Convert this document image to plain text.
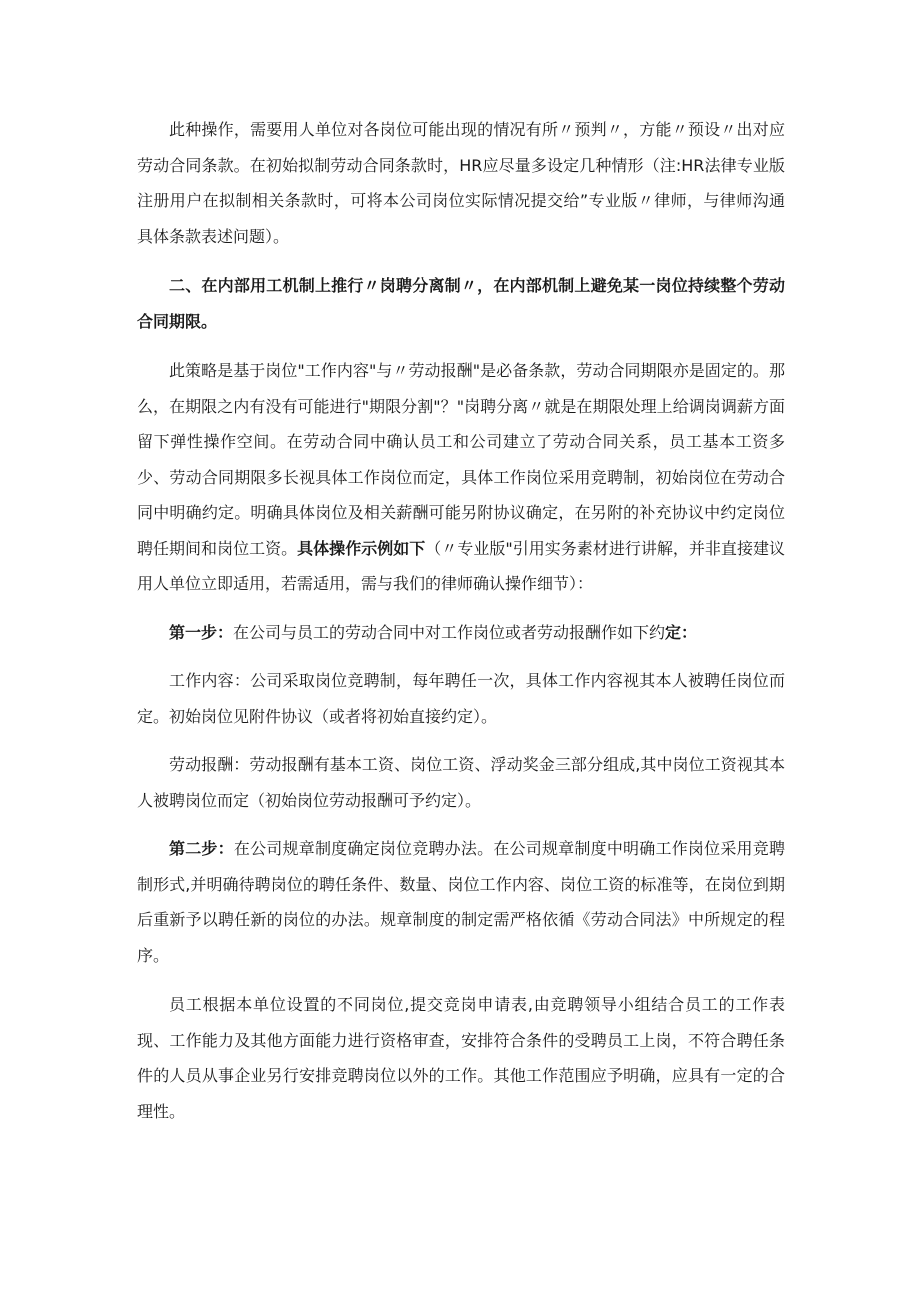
此种操作，需要用人单位对各岗位可能出现的情况有所〃预判〃，方能〃预设〃出对应劳动合同条款。在初始拟制劳动合同条款时，HR应尽量多设定几种情形（注:HR法律专业版注册用户在拟制相关条款时，可将本公司岗位实际情况提交给”专业版〃律师，与律师沟通具体条款表述问题）。

二、在内部用工机制上推行〃岗聘分离制〃，在内部机制上避免某一岗位持续整个劳动合同期限。

此策略是基于岗位"工作内容"与〃劳动报酬"是必备条款，劳动合同期限亦是固定的。那么，在期限之内有没有可能进行"期限分割"？"岗聘分离〃就是在期限处理上给调岗调薪方面留下弹性操作空间。在劳动合同中确认员工和公司建立了劳动合同关系，员工基本工资多少、劳动合同期限多长视具体工作岗位而定，具体工作岗位采用竞聘制，初始岗位在劳动合同中明确约定。明确具体岗位及相关薪酬可能另附协议确定，在另附的补充协议中约定岗位聘任期间和岗位工资。具体操作示例如下（〃专业版"引用实务素材进行讲解，并非直接建议用人单位立即适用，若需适用，需与我们的律师确认操作细节）：

第一步：在公司与员工的劳动合同中对工作岗位或者劳动报酬作如下约定：

工作内容：公司采取岗位竞聘制，每年聘任一次，具体工作内容视其本人被聘任岗位而定。初始岗位见附件协议（或者将初始直接约定）。

劳动报酬：劳动报酬有基本工资、岗位工资、浮动奖金三部分组成,其中岗位工资视其本人被聘岗位而定（初始岗位劳动报酬可予约定）。

第二步：在公司规章制度确定岗位竞聘办法。在公司规章制度中明确工作岗位采用竞聘制形式,并明确待聘岗位的聘任条件、数量、岗位工作内容、岗位工资的标准等，在岗位到期后重新予以聘任新的岗位的办法。规章制度的制定需严格依循《劳动合同法》中所规定的程序。

员工根据本单位设置的不同岗位,提交竞岗申请表,由竞聘领导小组结合员工的工作表现、工作能力及其他方面能力进行资格审查，安排符合条件的受聘员工上岗，不符合聘任条件的人员从事企业另行安排竞聘岗位以外的工作。其他工作范围应予明确，应具有一定的合理性。
